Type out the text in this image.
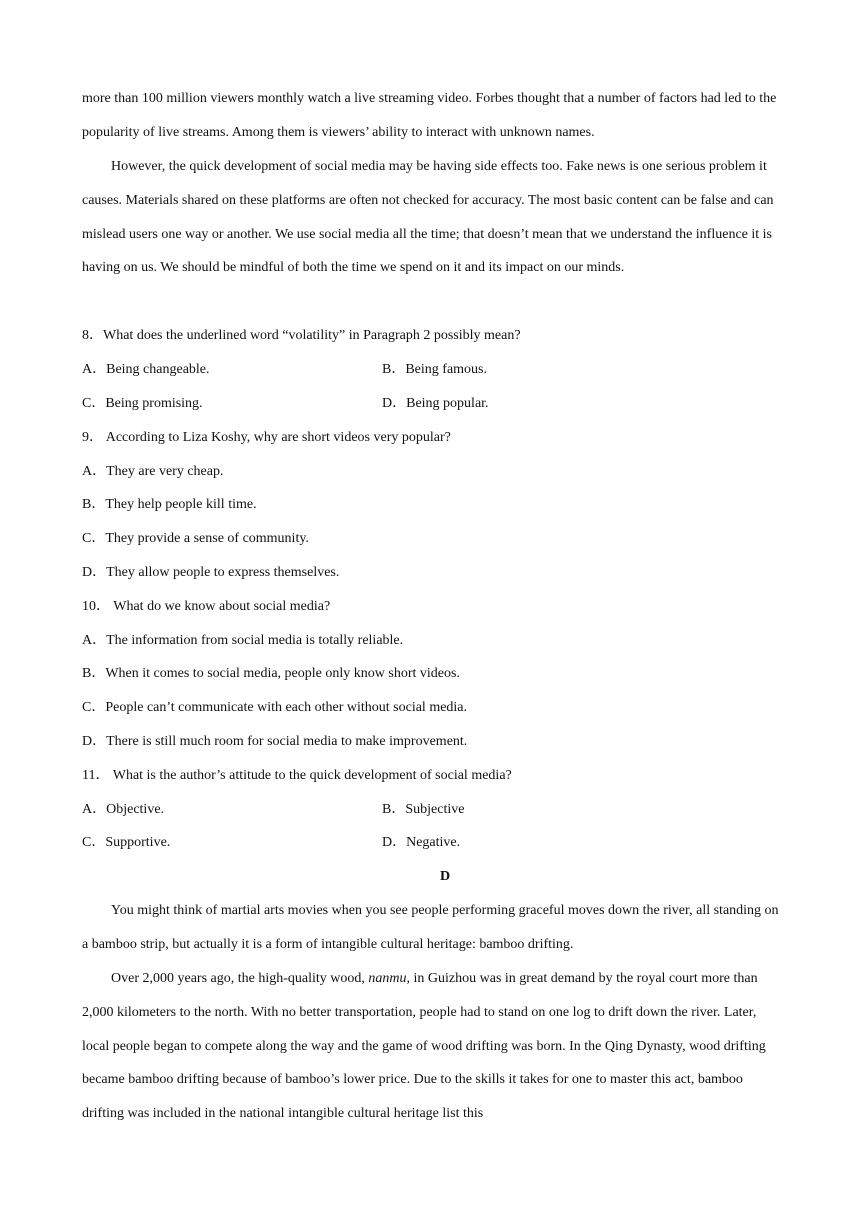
more than 100 million viewers monthly watch a live streaming video. Forbes thought that a number of factors had led to the popularity of live streams. Among them is viewers’ ability to interact with unknown names.

However, the quick development of social media may be having side effects too. Fake news is one serious problem it causes. Materials shared on these platforms are often not checked for accuracy. The most basic content can be false and can mislead users one way or another. We use social media all the time; that doesn’t mean that we understand the influence it is having on us. We should be mindful of both the time we spend on it and its impact on our minds.

8．What does the underlined word “volatility” in Paragraph 2 possibly mean?
A．Being changeable.	B．Being famous.
C．Being promising.	D．Being popular.
9． According to Liza Koshy, why are short videos very popular?
A．They are very cheap.
B．They help people kill time.
C．They provide a sense of community.
D．They allow people to express themselves.
10． What do we know about social media?
A．The information from social media is totally reliable.
B．When it comes to social media, people only know short videos.
C．People can’t communicate with each other without social media.
D．There is still much room for social media to make improvement.
11． What is the author’s attitude to the quick development of social media?
A．Objective.	B．Subjective
C．Supportive.	D．Negative.
D

You might think of martial arts movies when you see people performing graceful moves down the river, all standing on a bamboo strip, but actually it is a form of intangible cultural heritage: bamboo drifting.

Over 2,000 years ago, the high-quality wood, nanmu, in Guizhou was in great demand by the royal court more than 2,000 kilometers to the north. With no better transportation, people had to stand on one log to drift down the river. Later, local people began to compete along the way and the game of wood drifting was born. In the Qing Dynasty, wood drifting became bamboo drifting because of bamboo’s lower price. Due to the skills it takes for one to master this act, bamboo drifting was included in the national intangible cultural heritage list this
